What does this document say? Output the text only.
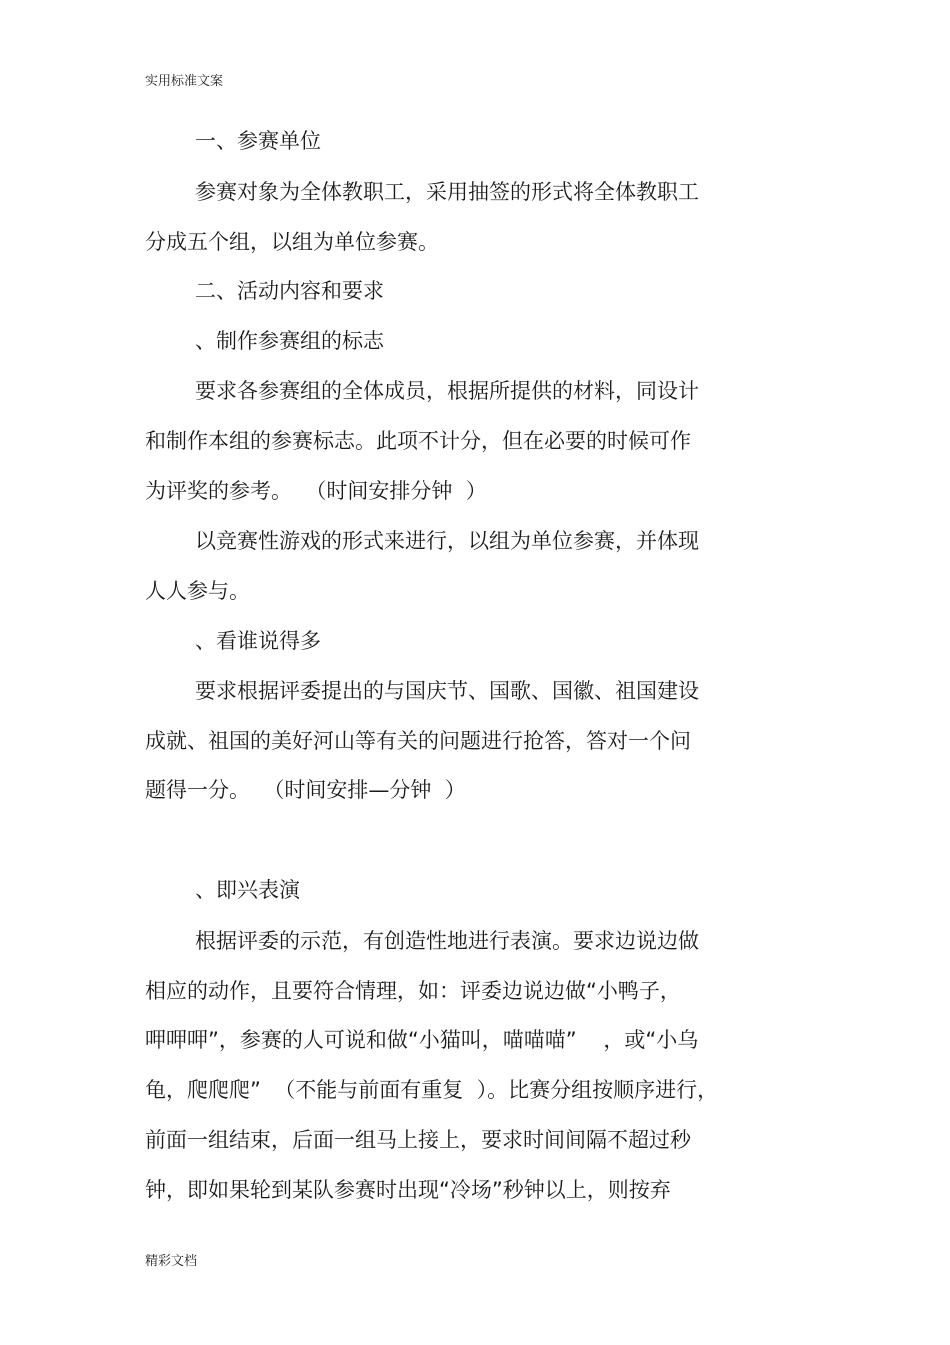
实用标准文案
一、参赛单位
参赛对象为全体教职工，采用抽签的形式将全体教职工
分成五个组，以组为单位参赛。
二、活动内容和要求
、制作参赛组的标志
要求各参赛组的全体成员，根据所提供的材料，同设计
和制作本组的参赛标志。此项不计分，但在必要的时候可作
为评奖的参考。  （时间安排分钟  ）
以竞赛性游戏的形式来进行，以组为单位参赛，并体现
人人参与。
、看谁说得多
要求根据评委提出的与国庆节、国歌、国徽、祖国建设
成就、祖国的美好河山等有关的问题进行抢答，答对一个问
题得一分。  （时间安排—分钟  ）
、即兴表演
根据评委的示范，有创造性地进行表演。要求边说边做
相应的动作，且要符合情理，如：评委边说边做“小鸭子，
呷呷呷”，参赛的人可说和做“小猫叫，喵喵喵”    ，或“小乌
龟，爬爬爬”  （不能与前面有重复  ）。比赛分组按顺序进行，
前面一组结束，后面一组马上接上，要求时间间隔不超过秒
钟，即如果轮到某队参赛时出现“冷场”秒钟以上，则按弃
精彩文档
